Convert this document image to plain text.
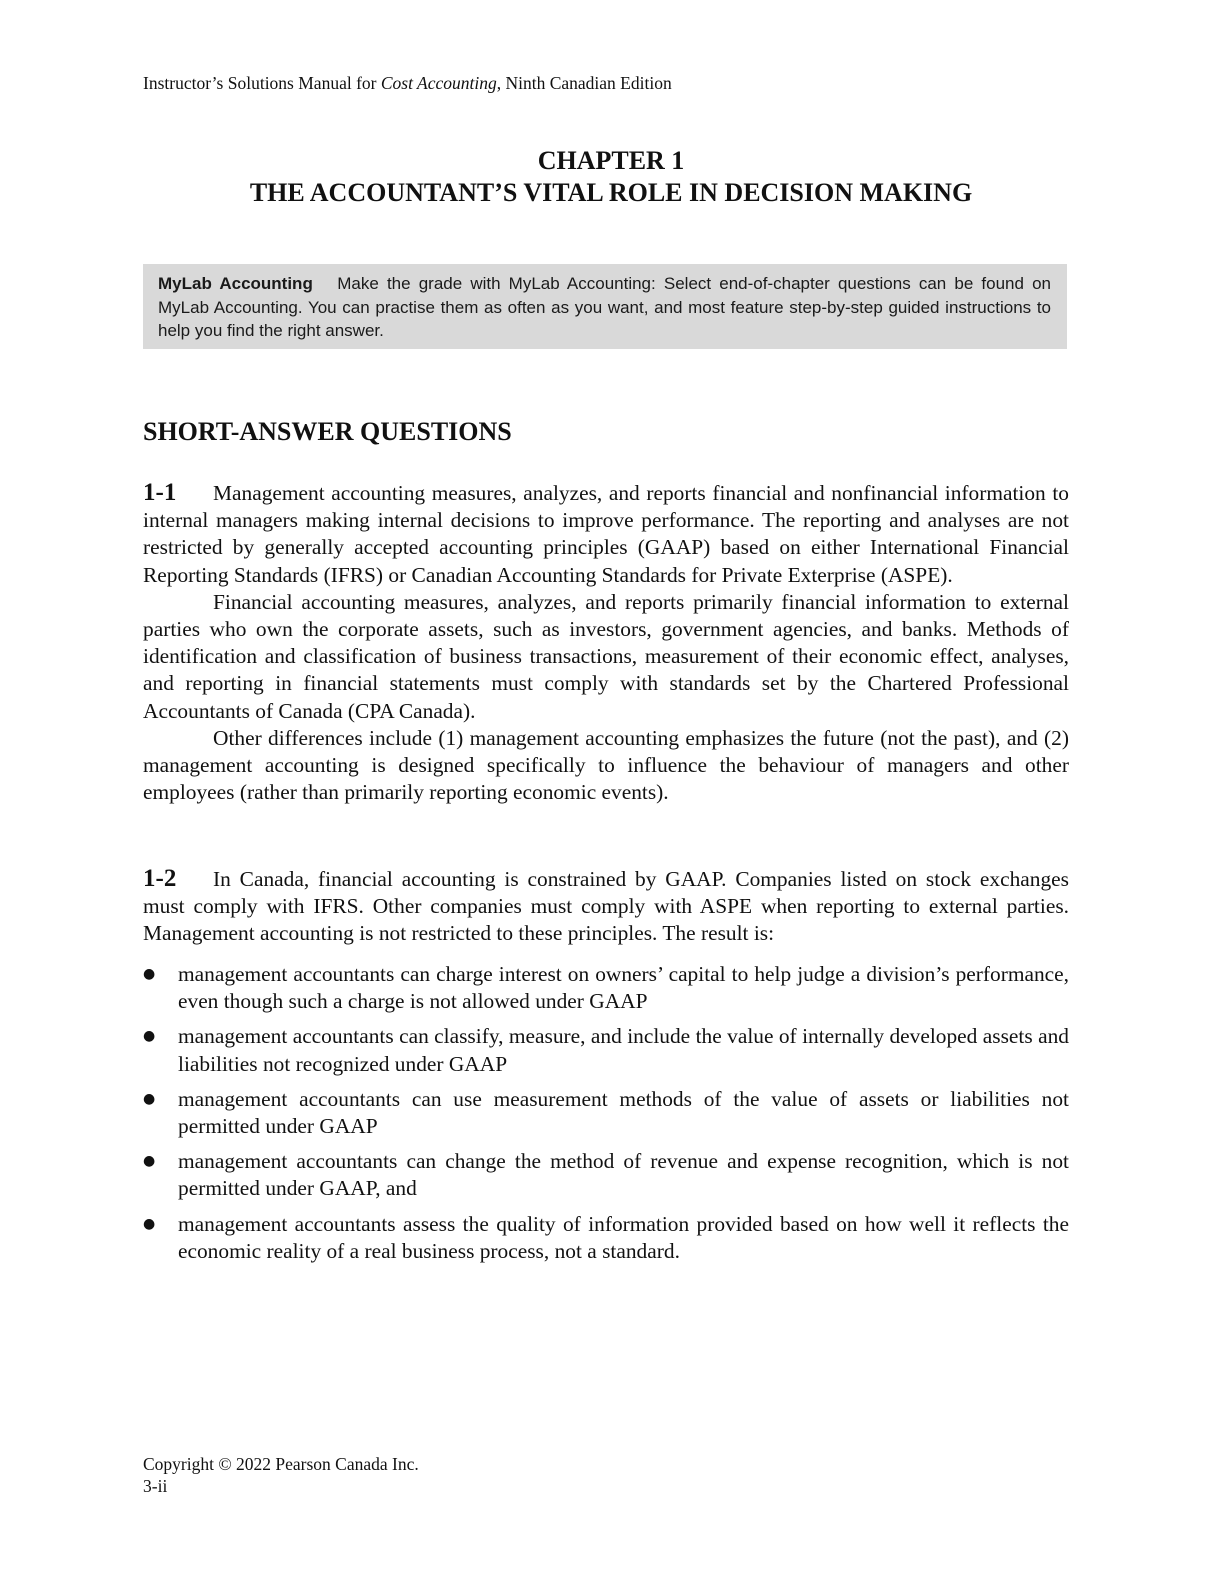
Instructor’s Solutions Manual for Cost Accounting, Ninth Canadian Edition
CHAPTER 1
THE ACCOUNTANT’S VITAL ROLE IN DECISION MAKING
MyLab Accounting Make the grade with MyLab Accounting: Select end-of-chapter questions can be found on MyLab Accounting. You can practise them as often as you want, and most feature step-by-step guided instructions to help you find the right answer.
SHORT-ANSWER QUESTIONS

1-1 Management accounting measures, analyzes, and reports financial and nonfinancial information to internal managers making internal decisions to improve performance. The reporting and analyses are not restricted by generally accepted accounting principles (GAAP) based on either International Financial Reporting Standards (IFRS) or Canadian Accounting Standards for Private Exterprise (ASPE).

Financial accounting measures, analyzes, and reports primarily financial information to external parties who own the corporate assets, such as investors, government agencies, and banks. Methods of identification and classification of business transactions, measurement of their economic effect, analyses, and reporting in financial statements must comply with standards set by the Chartered Professional Accountants of Canada (CPA Canada).

Other differences include (1) management accounting emphasizes the future (not the past), and (2) management accounting is designed specifically to influence the behaviour of managers and other employees (rather than primarily reporting economic events).

1-2 In Canada, financial accounting is constrained by GAAP. Companies listed on stock exchanges must comply with IFRS. Other companies must comply with ASPE when reporting to external parties. Management accounting is not restricted to these principles. The result is:

● management accountants can charge interest on owners’ capital to help judge a division’s performance, even though such a charge is not allowed under GAAP
● management accountants can classify, measure, and include the value of internally developed assets and liabilities not recognized under GAAP
● management accountants can use measurement methods of the value of assets or liabilities not permitted under GAAP
● management accountants can change the method of revenue and expense recognition, which is not permitted under GAAP, and
● management accountants assess the quality of information provided based on how well it reflects the economic reality of a real business process, not a standard.
Copyright © 2022 Pearson Canada Inc.
3-ii
